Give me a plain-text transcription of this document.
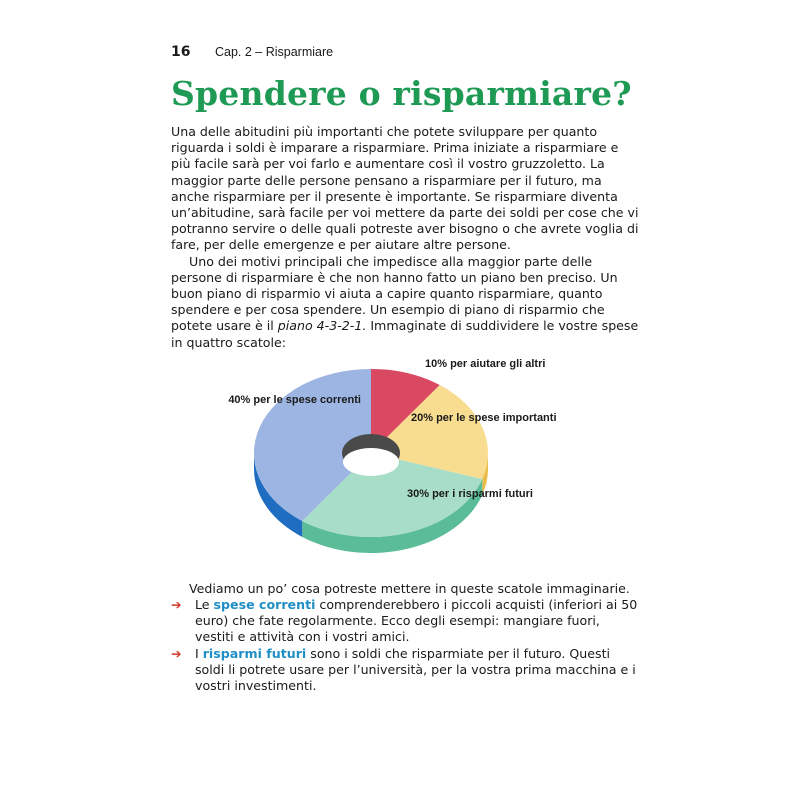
16	Cap. 2 – Risparmiare
Spendere o risparmiare?

Una delle abitudini più importanti che potete sviluppare per quanto riguarda i soldi è imparare a risparmiare. Prima iniziate a risparmiare e più facile sarà per voi farlo e aumentare così il vostro gruzzoletto. La maggior parte delle persone pensano a risparmiare per il futuro, ma anche risparmiare per il presente è importante. Se risparmiare diventa un’abitudine, sarà facile per voi mettere da parte dei soldi per cose che vi potranno servire o delle quali potreste aver bisogno o che avrete voglia di fare, per delle emergenze e per aiutare altre persone.

Uno dei motivi principali che impedisce alla maggior parte delle persone di risparmiare è che non hanno fatto un piano ben preciso. Un buon piano di risparmio vi aiuta a capire quanto risparmiare, quanto spendere e per cosa spendere. Un esempio di piano di risparmio che potete usare è il piano 4-3-2-1. Immaginate di suddividere le vostre spese in quattro scatole:

10% per aiutare gli altri
20% per le spese importanti
30% per i risparmi futuri
40% per le spese correnti

Vediamo un po’ cosa potreste mettere in queste scatole immaginarie.

➔ Le spese correnti comprenderebbero i piccoli acquisti (inferiori ai 50 euro) che fate regolarmente. Ecco degli esempi: mangiare fuori, vestiti e attività con i vostri amici.
➔ I risparmi futuri sono i soldi che risparmiate per il futuro. Questi soldi li potrete usare per l’università, per la vostra prima macchina e i vostri investimenti.
